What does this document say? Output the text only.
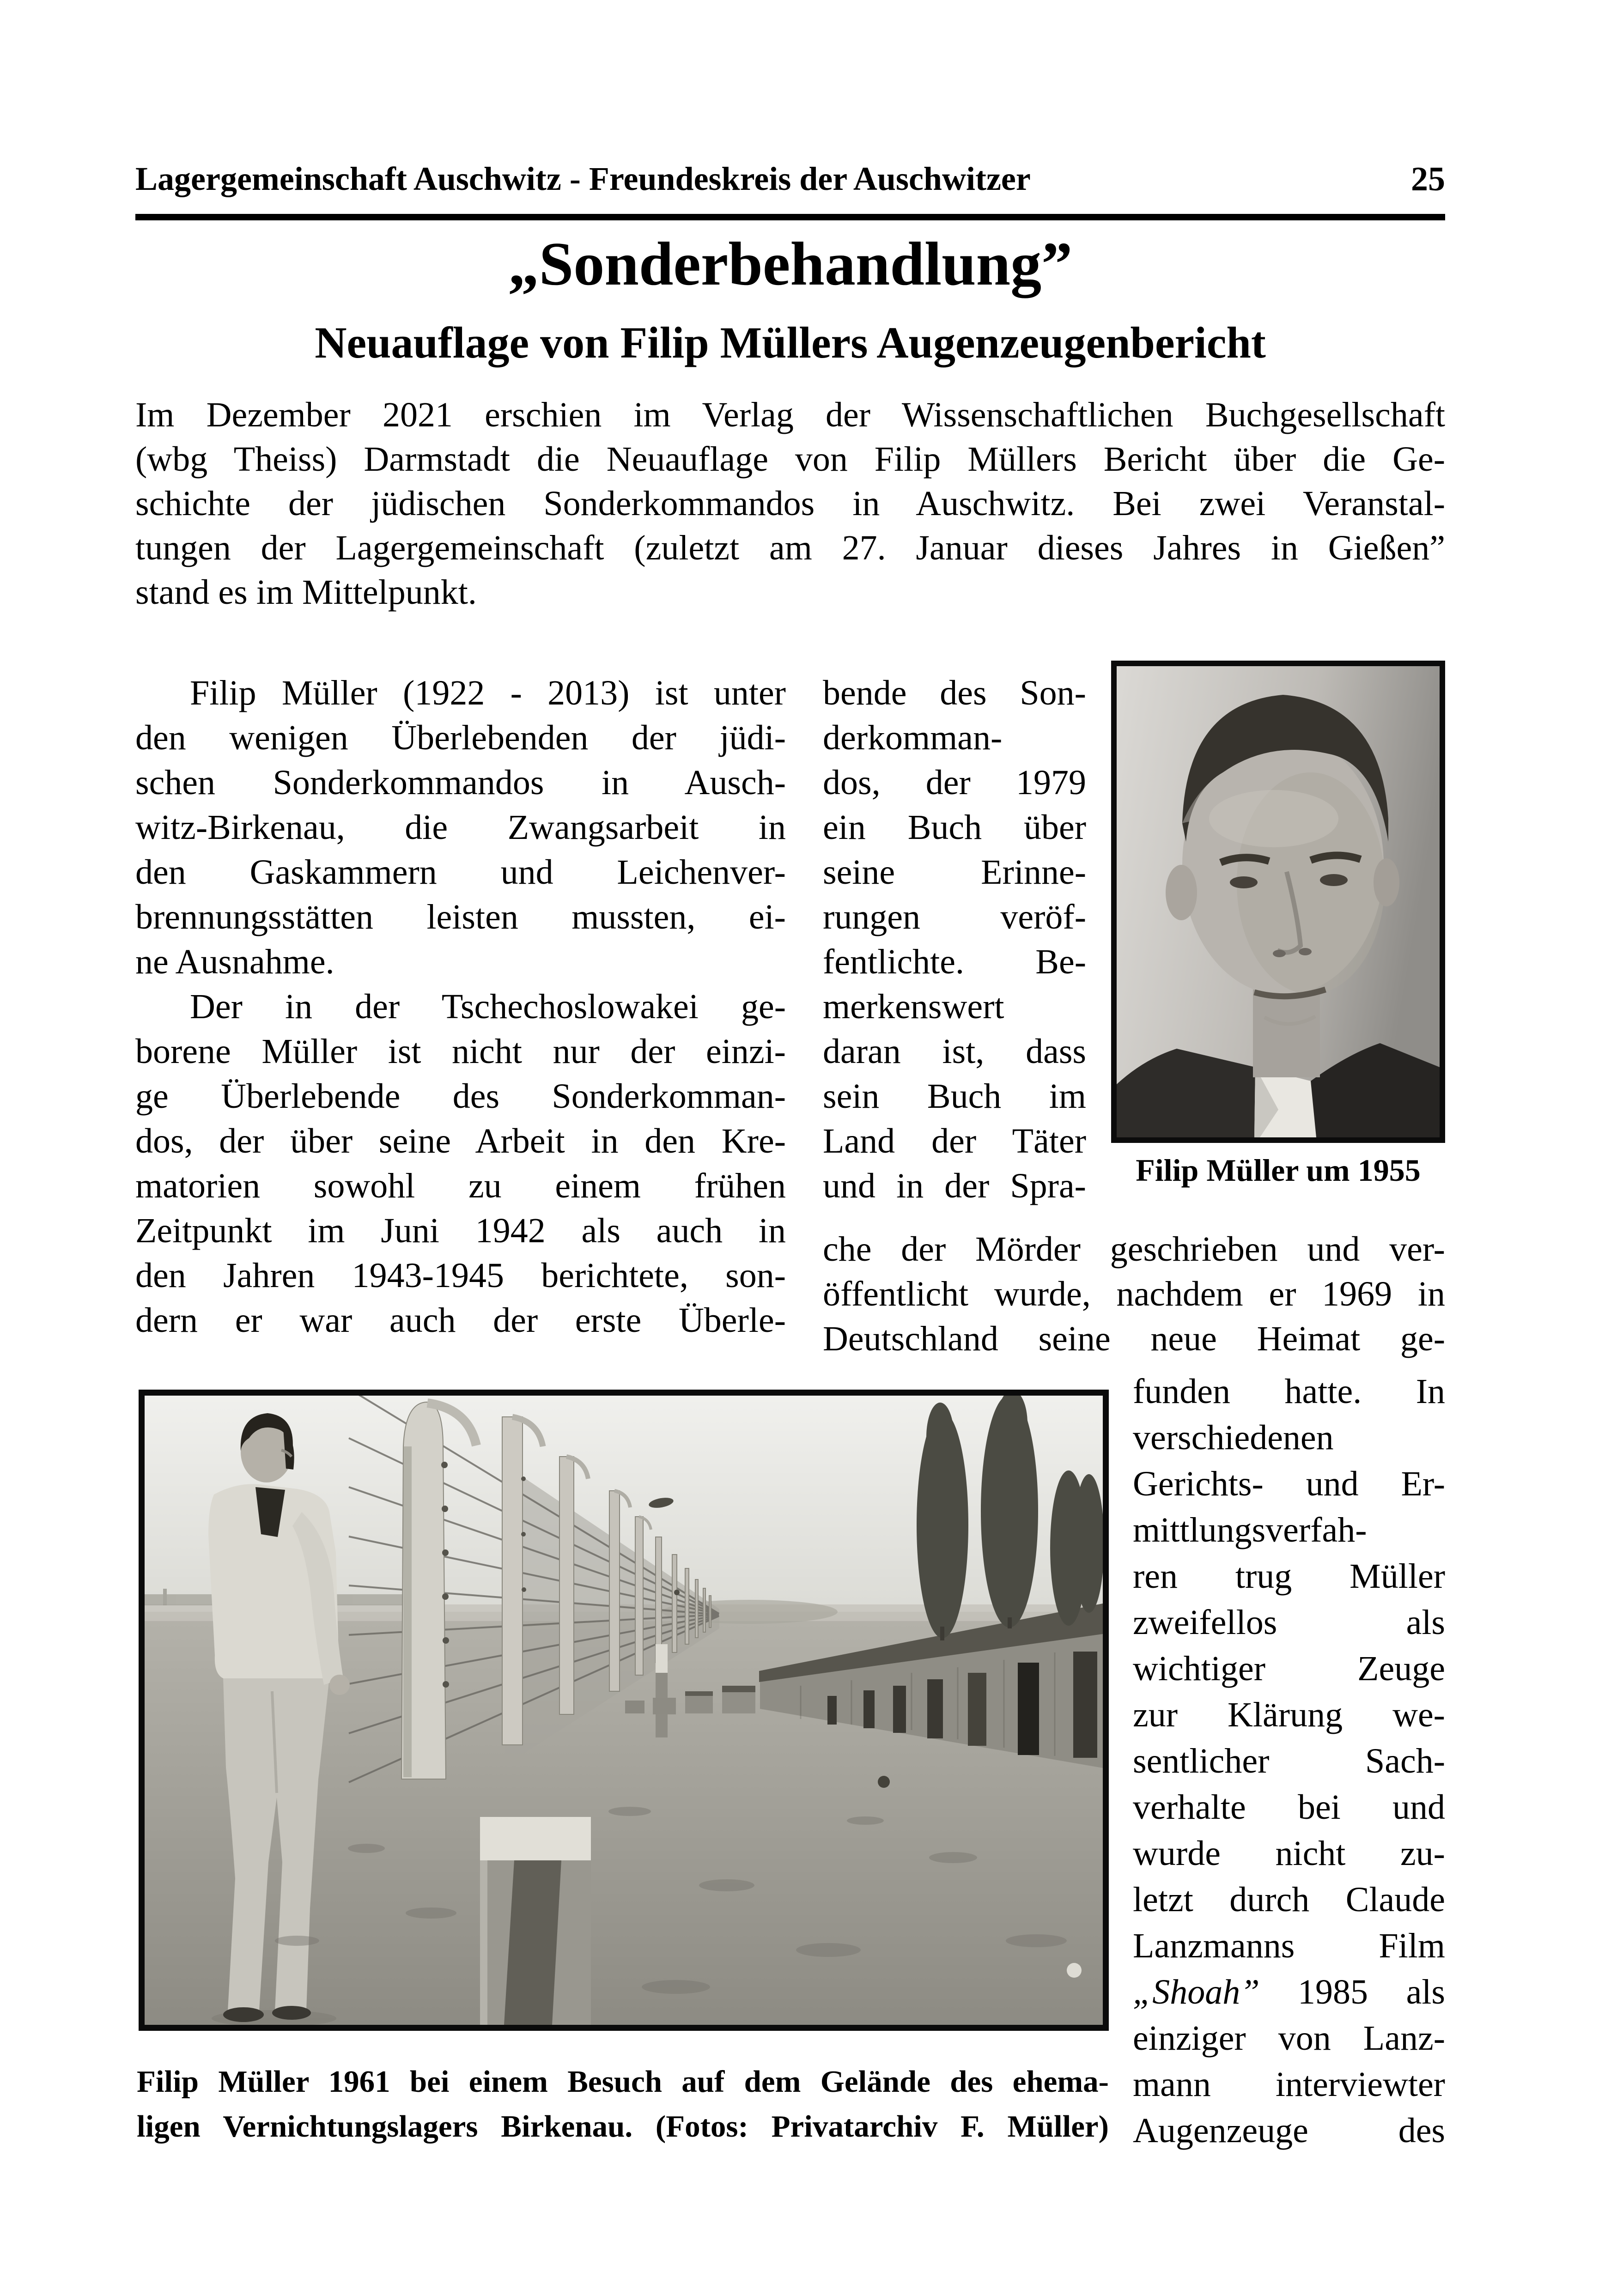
Lagergemeinschaft Auschwitz - Freundeskreis der Auschwitzer	25
„Sonderbehandlung”
Neuauflage von Filip Müllers Augenzeugenbericht
Im Dezember 2021 erschien im Verlag der Wissenschaftlichen Buchgesellschaft
(wbg Theiss) Darmstadt die Neuauflage von Filip Müllers Bericht über die Ge-
schichte der jüdischen Sonderkommandos in Auschwitz. Bei zwei Veranstal-
tungen der Lagergemeinschaft (zuletzt am 27. Januar dieses Jahres in Gießen”
stand es im Mittelpunkt.
Filip Müller (1922 - 2013) ist unter
den wenigen Überlebenden der jüdi-
schen Sonderkommandos in Ausch-
witz-Birkenau, die Zwangsarbeit in
den Gaskammern und Leichenver-
brennungsstätten leisten mussten, ei-
ne Ausnahme.
Der in der Tschechoslowakei ge-
borene Müller ist nicht nur der einzi-
ge Überlebende des Sonderkomman-
dos, der über seine Arbeit in den Kre-
matorien sowohl zu einem frühen
Zeitpunkt im Juni 1942 als auch in
den Jahren 1943-1945 berichtete, son-
dern er war auch der erste Überle-
bende des Son-
derkomman-
dos, der 1979
ein Buch über
seine Erinne-
rungen veröf-
fentlichte. Be-
merkenswert
daran ist, dass
sein Buch im
Land der Täter
und in der Spra-	Filip Müller um 1955
che der Mörder geschrieben und ver-
öffentlicht wurde, nachdem er 1969 in
Deutschland seine neue Heimat ge-
funden hatte. In
verschiedenen
Gerichts- und Er-
mittlungsverfah-
ren trug Müller
zweifellos als
wichtiger Zeuge
zur Klärung we-
sentlicher Sach-
verhalte bei und
wurde nicht zu-
letzt durch Claude
Lanzmanns Film
„Shoah” 1985 als
einziger von Lanz-
mann interviewter
Augenzeuge des
Filip Müller 1961 bei einem Besuch auf dem Gelände des ehema-
ligen Vernichtungslagers Birkenau. (Fotos: Privatarchiv F. Müller)
